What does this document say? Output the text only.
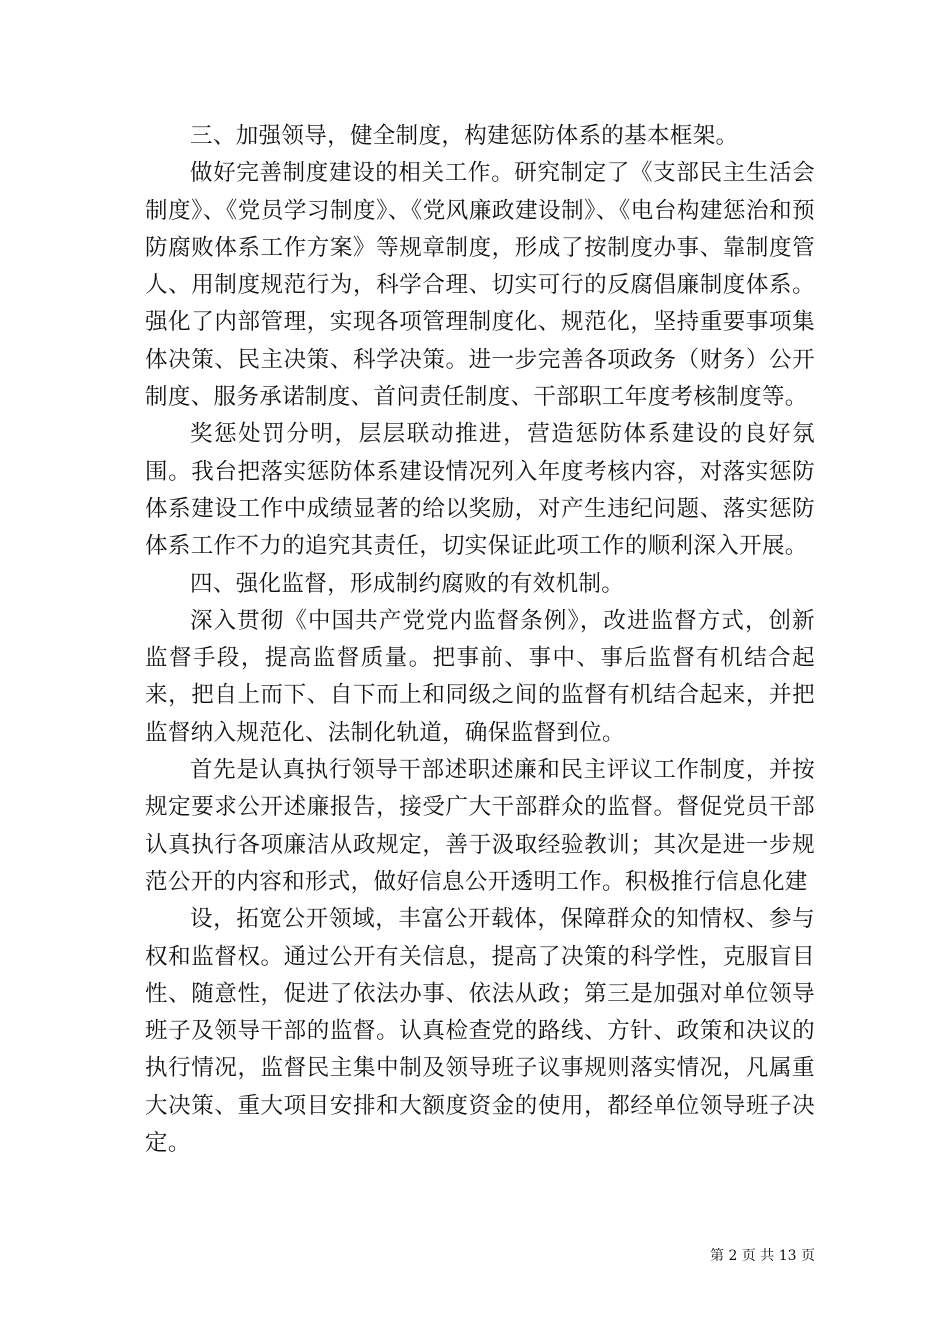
三、加强领导，健全制度，构建惩防体系的基本框架。

做好完善制度建设的相关工作。研究制定了《支部民主生活会制度》、《党员学习制度》、《党风廉政建设制》、《电台构建惩治和预防腐败体系工作方案》等规章制度，形成了按制度办事、靠制度管人、用制度规范行为，科学合理、切实可行的反腐倡廉制度体系。强化了内部管理，实现各项管理制度化、规范化，坚持重要事项集体决策、民主决策、科学决策。进一步完善各项政务（财务）公开制度、服务承诺制度、首问责任制度、干部职工年度考核制度等。

奖惩处罚分明，层层联动推进，营造惩防体系建设的良好氛围。我台把落实惩防体系建设情况列入年度考核内容，对落实惩防体系建设工作中成绩显著的给以奖励，对产生违纪问题、落实惩防体系工作不力的追究其责任，切实保证此项工作的顺利深入开展。

四、强化监督，形成制约腐败的有效机制。

深入贯彻《中国共产党党内监督条例》，改进监督方式，创新监督手段，提高监督质量。把事前、事中、事后监督有机结合起来，把自上而下、自下而上和同级之间的监督有机结合起来，并把监督纳入规范化、法制化轨道，确保监督到位。

首先是认真执行领导干部述职述廉和民主评议工作制度，并按规定要求公开述廉报告，接受广大干部群众的监督。督促党员干部认真执行各项廉洁从政规定，善于汲取经验教训；其次是进一步规范公开的内容和形式，做好信息公开透明工作。积极推行信息化建

设，拓宽公开领域，丰富公开载体，保障群众的知情权、参与权和监督权。通过公开有关信息，提高了决策的科学性，克服盲目性、随意性，促进了依法办事、依法从政；第三是加强对单位领导班子及领导干部的监督。认真检查党的路线、方针、政策和决议的执行情况，监督民主集中制及领导班子议事规则落实情况，凡属重大决策、重大项目安排和大额度资金的使用，都经单位领导班子决定。

第 2 页 共 13 页
